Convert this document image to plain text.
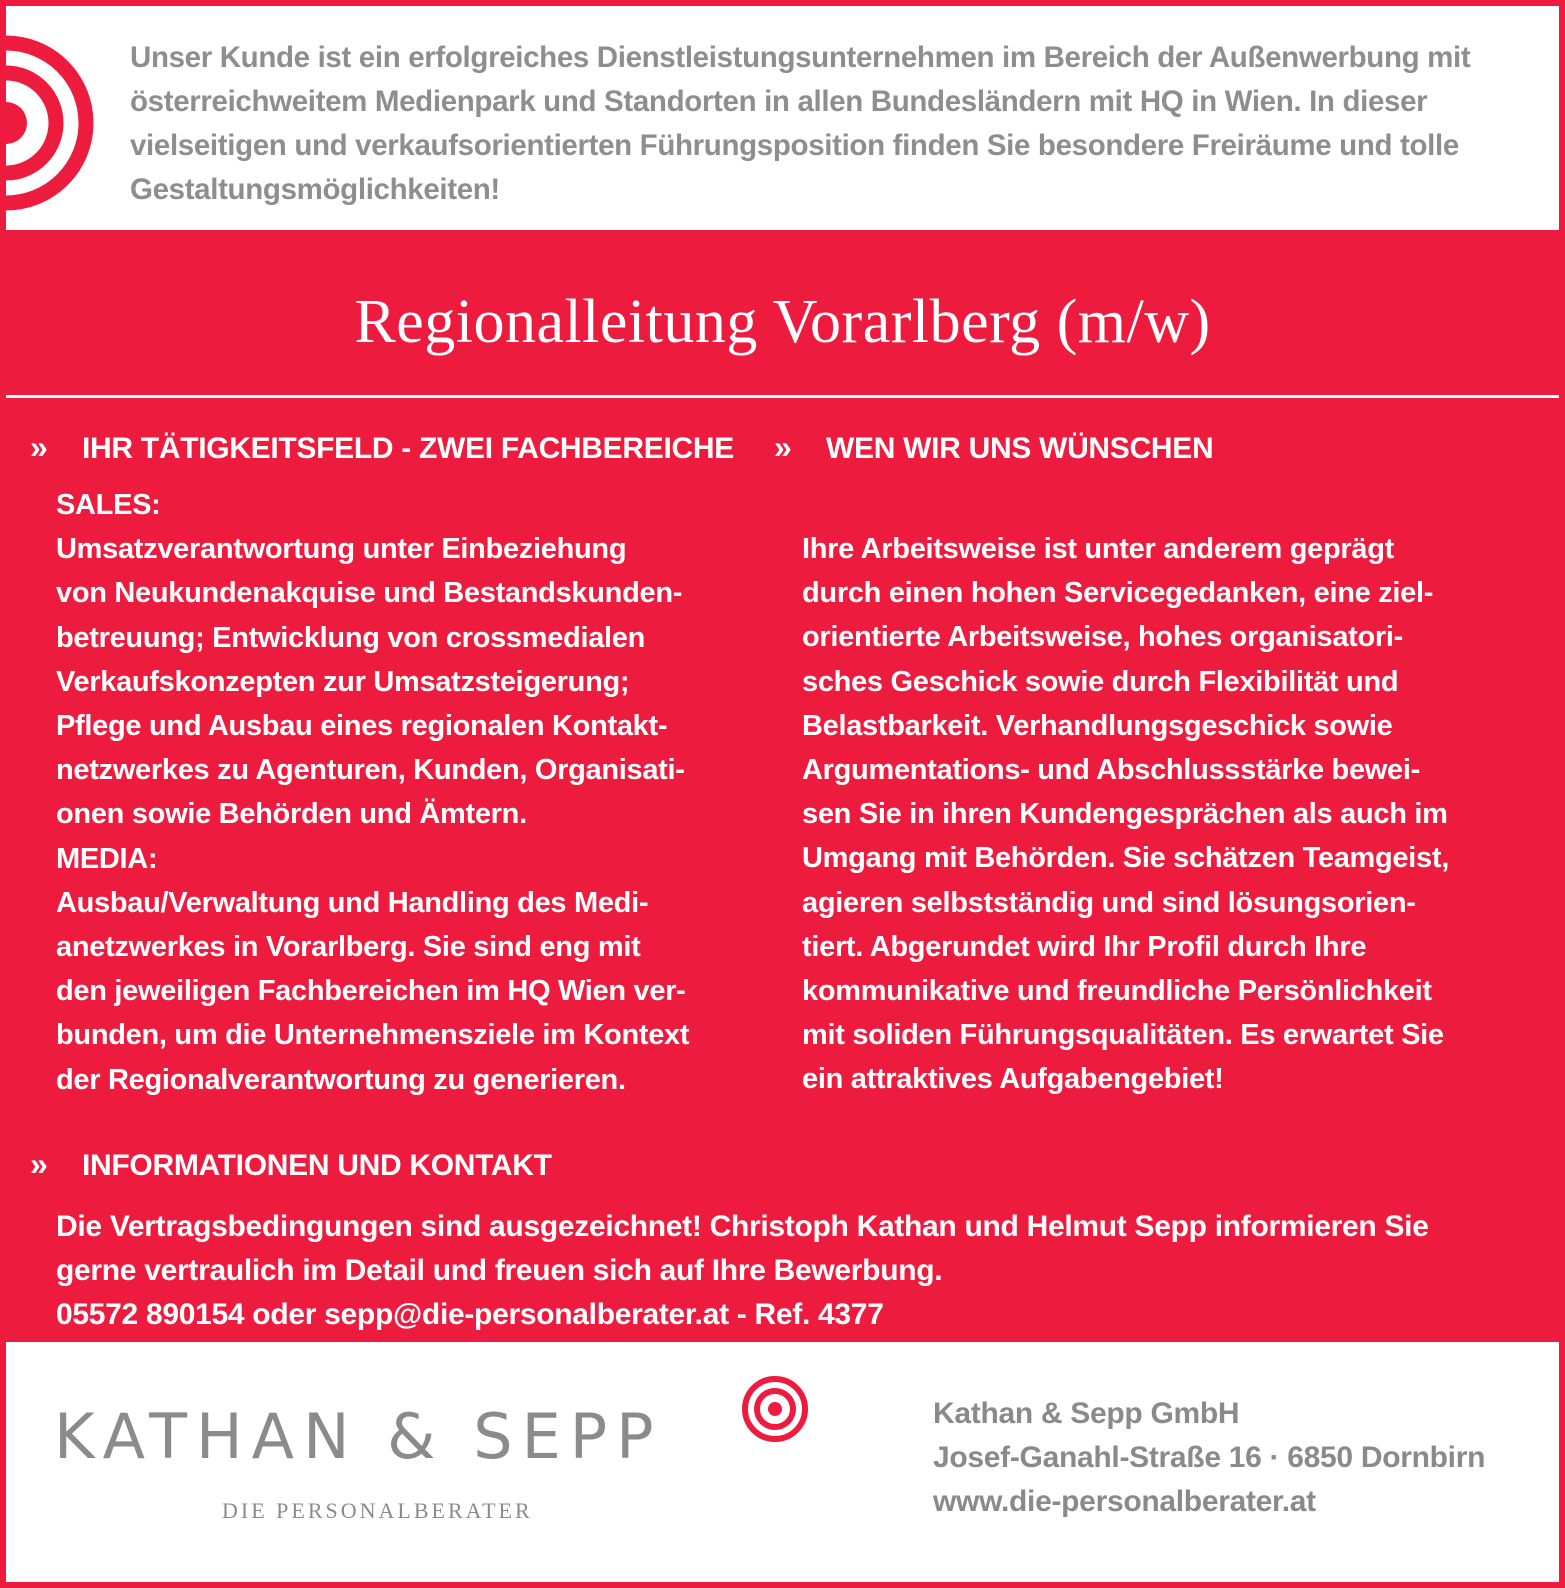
Unser Kunde ist ein erfolgreiches Dienstleistungsunternehmen im Bereich der Außenwerbung mit
österreichweitem Medienpark und Standorten in allen Bundesländern mit HQ in Wien. In dieser
vielseitigen und verkaufsorientierten Führungsposition finden Sie besondere Freiräume und tolle
Gestaltungsmöglichkeiten!

Regionalleitung Vorarlberg (m/w)
» IHR TÄTIGKEITSFELD - ZWEI FACHBEREICHE

SALES:
Umsatzverantwortung unter Einbeziehung
von Neukundenakquise und Bestandskunden-
betreuung; Entwicklung von crossmedialen
Verkaufskonzepten zur Umsatzsteigerung;
Pflege und Ausbau eines regionalen Kontakt-
netzwerkes zu Agenturen, Kunden, Organisati-
onen sowie Behörden und Ämtern.
MEDIA:
Ausbau/Verwaltung und Handling des Medi-
anetzwerkes in Vorarlberg. Sie sind eng mit
den jeweiligen Fachbereichen im HQ Wien ver-
bunden, um die Unternehmensziele im Kontext
der Regionalverantwortung zu generieren.

» WEN WIR UNS WÜNSCHEN

Ihre Arbeitsweise ist unter anderem geprägt
durch einen hohen Servicegedanken, eine ziel-
orientierte Arbeitsweise, hohes organisatori-
sches Geschick sowie durch Flexibilität und
Belastbarkeit. Verhandlungsgeschick sowie
Argumentations- und Abschlussstärke bewei-
sen Sie in ihren Kundengesprächen als auch im
Umgang mit Behörden. Sie schätzen Teamgeist,
agieren selbstständig und sind lösungsorien-
tiert. Abgerundet wird Ihr Profil durch Ihre
kommunikative und freundliche Persönlichkeit
mit soliden Führungsqualitäten. Es erwartet Sie
ein attraktives Aufgabengebiet!

» INFORMATIONEN UND KONTAKT

Die Vertragsbedingungen sind ausgezeichnet! Christoph Kathan und Helmut Sepp informieren Sie
gerne vertraulich im Detail und freuen sich auf Ihre Bewerbung.
05572 890154 oder sepp@die-personalberater.at - Ref. 4377

KATHAN & SEPP

DIE PERSONALBERATER

Kathan & Sepp GmbH
Josef-Ganahl-Straße 16 · 6850 Dornbirn
www.die-personalberater.at
